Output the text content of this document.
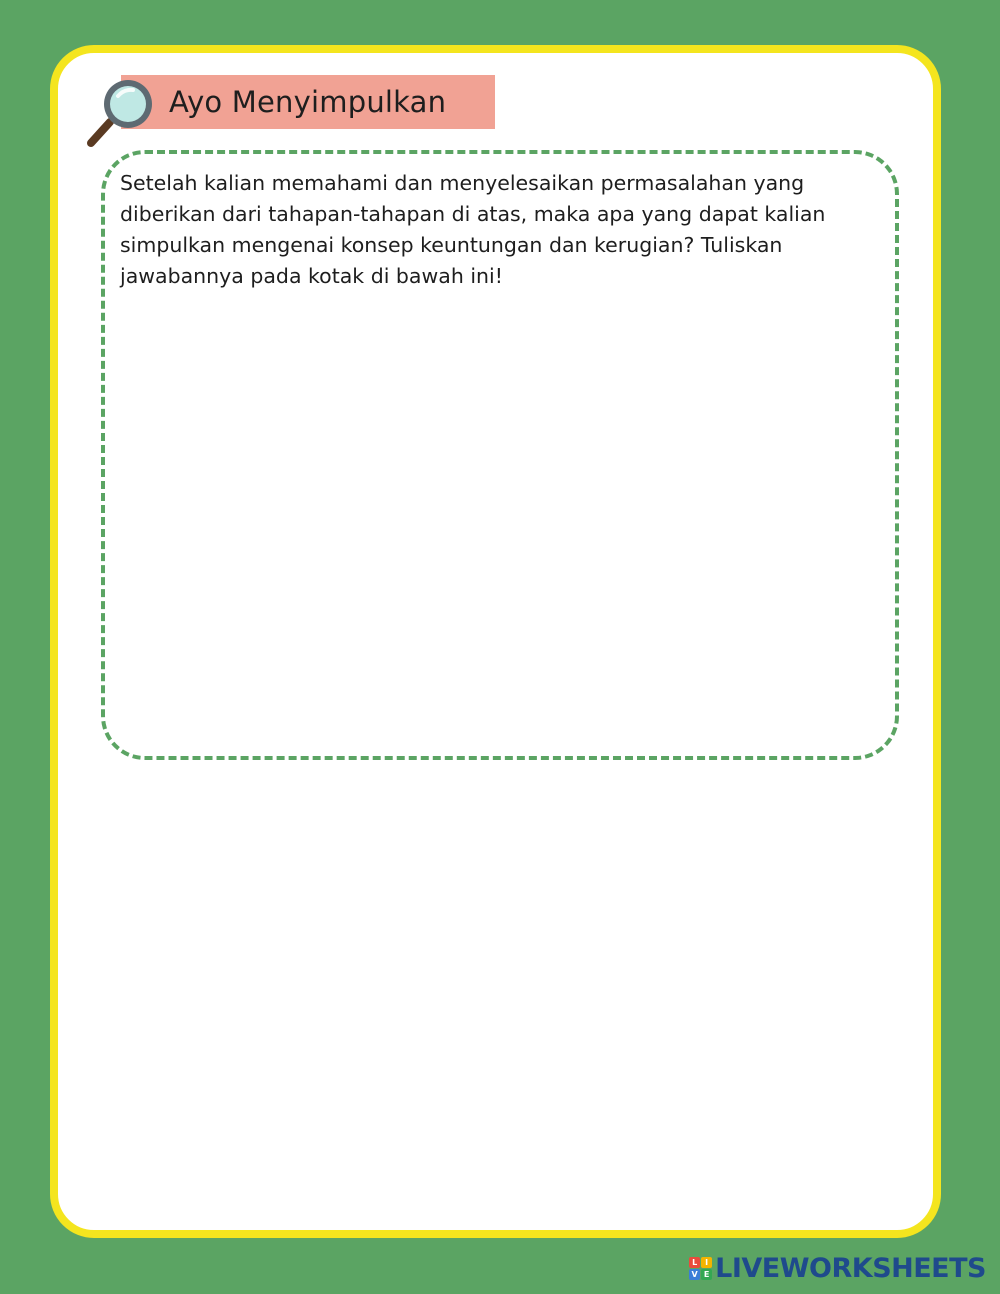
Ayo Menyimpulkan

Setelah kalian memahami dan menyelesaikan permasalahan yang diberikan dari tahapan-tahapan di atas, maka apa yang dapat kalian simpulkan mengenai konsep keuntungan dan kerugian? Tuliskan jawabannya pada kotak di bawah ini!

L I
V E LIVEWORKSHEETS
